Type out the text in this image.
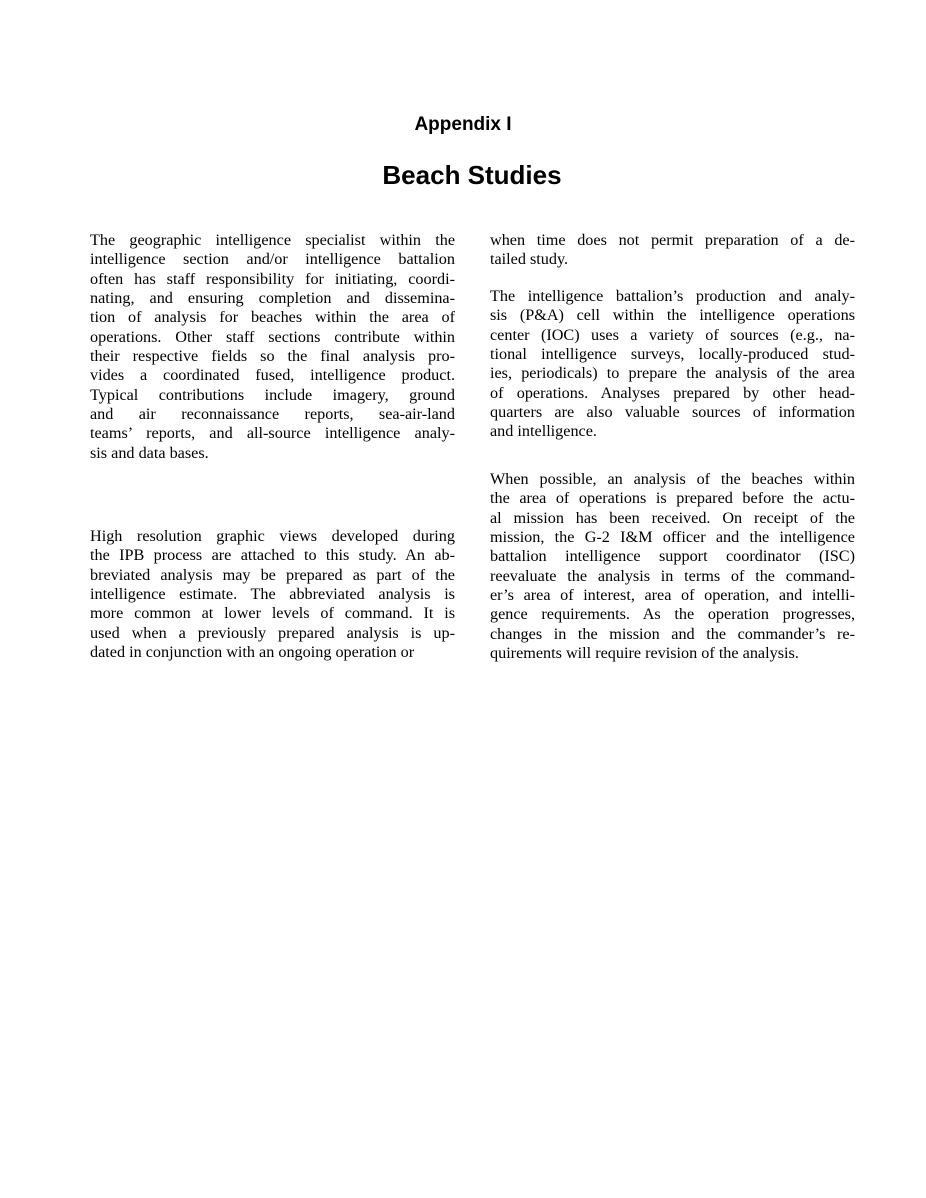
Appendix I
Beach Studies
The geographic intelligence specialist within the
intelligence section and/or intelligence battalion
often has staff responsibility for initiating, coordi-
nating, and ensuring completion and dissemina-
tion of analysis for beaches within the area of
operations. Other staff sections contribute within
their respective fields so the final analysis pro-
vides a coordinated fused, intelligence product.
Typical contributions include imagery, ground
and air reconnaissance reports, sea-air-land
teams’ reports, and all-source intelligence analy-
sis and data bases.
High resolution graphic views developed during
the IPB process are attached to this study. An ab-
breviated analysis may be prepared as part of the
intelligence estimate. The abbreviated analysis is
more common at lower levels of command. It is
used when a previously prepared analysis is up-
dated in conjunction with an ongoing operation or
when time does not permit preparation of a de-
tailed study.
The intelligence battalion’s production and analy-
sis (P&A) cell within the intelligence operations
center (IOC) uses a variety of sources (e.g., na-
tional intelligence surveys, locally-produced stud-
ies, periodicals) to prepare the analysis of the area
of operations. Analyses prepared by other head-
quarters are also valuable sources of information
and intelligence.
When possible, an analysis of the beaches within
the area of operations is prepared before the actu-
al mission has been received. On receipt of the
mission, the G-2 I&M officer and the intelligence
battalion intelligence support coordinator (ISC)
reevaluate the analysis in terms of the command-
er’s area of interest, area of operation, and intelli-
gence requirements. As the operation progresses,
changes in the mission and the commander’s re-
quirements will require revision of the analysis.
